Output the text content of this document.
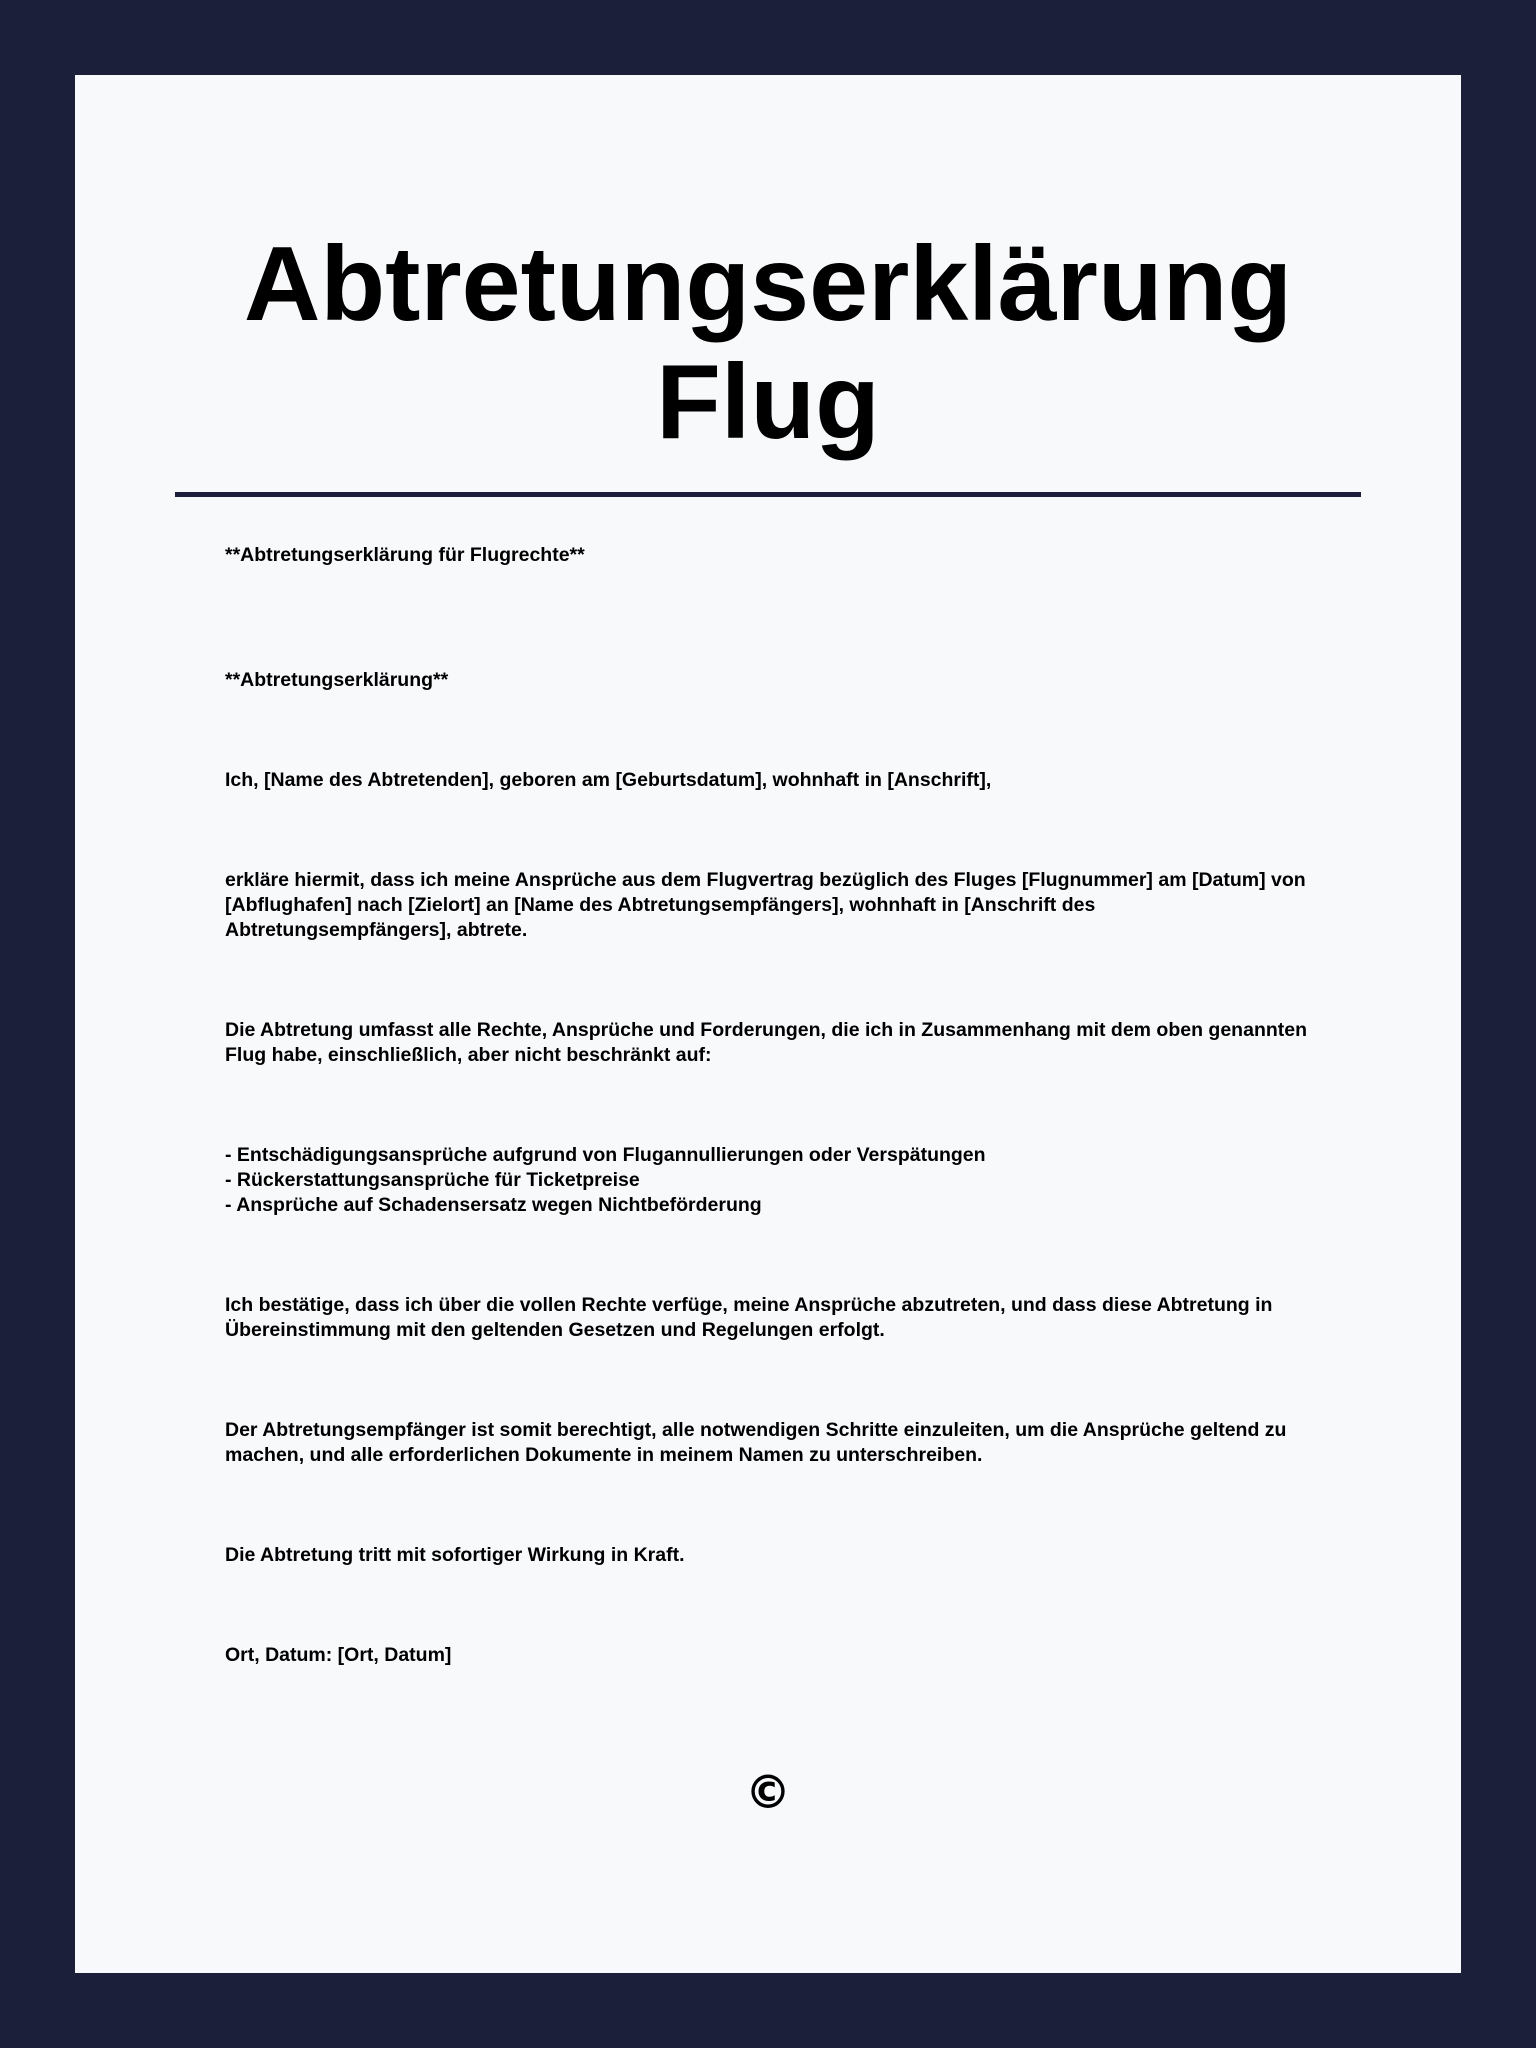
Abtretungserklärung
Flug

**Abtretungserklärung für Flugrechte**

**Abtretungserklärung**

Ich, [Name des Abtretenden], geboren am [Geburtsdatum], wohnhaft in [Anschrift],

erkläre hiermit, dass ich meine Ansprüche aus dem Flugvertrag bezüglich des Fluges [Flugnummer] am [Datum] von
[Abflughafen] nach [Zielort] an [Name des Abtretungsempfängers], wohnhaft in [Anschrift des
Abtretungsempfängers], abtrete.

Die Abtretung umfasst alle Rechte, Ansprüche und Forderungen, die ich in Zusammenhang mit dem oben genannten
Flug habe, einschließlich, aber nicht beschränkt auf:

- Entschädigungsansprüche aufgrund von Flugannullierungen oder Verspätungen
- Rückerstattungsansprüche für Ticketpreise
- Ansprüche auf Schadensersatz wegen Nichtbeförderung

Ich bestätige, dass ich über die vollen Rechte verfüge, meine Ansprüche abzutreten, und dass diese Abtretung in
Übereinstimmung mit den geltenden Gesetzen und Regelungen erfolgt.

Der Abtretungsempfänger ist somit berechtigt, alle notwendigen Schritte einzuleiten, um die Ansprüche geltend zu
machen, und alle erforderlichen Dokumente in meinem Namen zu unterschreiben.

Die Abtretung tritt mit sofortiger Wirkung in Kraft.

Ort, Datum: [Ort, Datum]

©
